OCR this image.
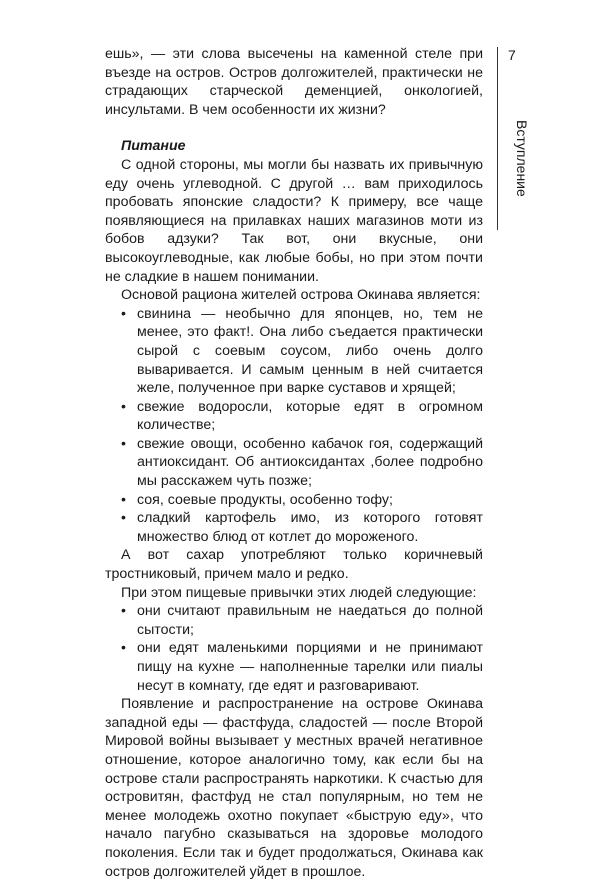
7
Вступление

ешь», — эти слова высечены на каменной стеле при въезде на остров. Остров долгожителей, практически не страдающих старческой деменцией, онкологией, инсультами. В чем особенности их жизни?

Питание

С одной стороны, мы могли бы назвать их привычную еду очень углеводной. С другой … вам приходилось пробовать японские сладости? К примеру, все чаще появляющиеся на прилавках наших магазинов моти из бобов адзуки? Так вот, они вкусные, они высокоуглеводные, как любые бобы, но при этом почти не сладкие в нашем понимании.

Основой рациона жителей острова Окинава является:

• свинина — необычно для японцев, но, тем не менее, это факт!. Она либо съедается практически сырой с соевым соусом, либо очень долго вываривается. И самым ценным в ней считается желе, полученное при варке суставов и хрящей;
• свежие водоросли, которые едят в огромном количестве;
• свежие овощи, особенно кабачок гоя, содержащий антиоксидант. Об антиоксидантах ,более подробно мы расскажем чуть позже;
• соя, соевые продукты, особенно тофу;
• сладкий картофель имо, из которого готовят множество блюд от котлет до мороженого.

А вот сахар употребляют только коричневый тростниковый, причем мало и редко.

При этом пищевые привычки этих людей следующие:

• они считают правильным не наедаться до полной сытости;
• они едят маленькими порциями и не принимают пищу на кухне — наполненные тарелки или пиалы несут в комнату, где едят и разговаривают.

Появление и распространение на острове Окинава западной еды — фастфуда, сладостей — после Второй Мировой войны вызывает у местных врачей негативное отношение, которое аналогично тому, как если бы на острове стали распространять наркотики. К счастью для островитян, фастфуд не стал популярным, но тем не менее молодежь охотно покупает «быструю еду», что начало пагубно сказываться на здоровье молодого поколения. Если так и будет продолжаться, Окинава как остров долгожителей уйдет в прошлое.
